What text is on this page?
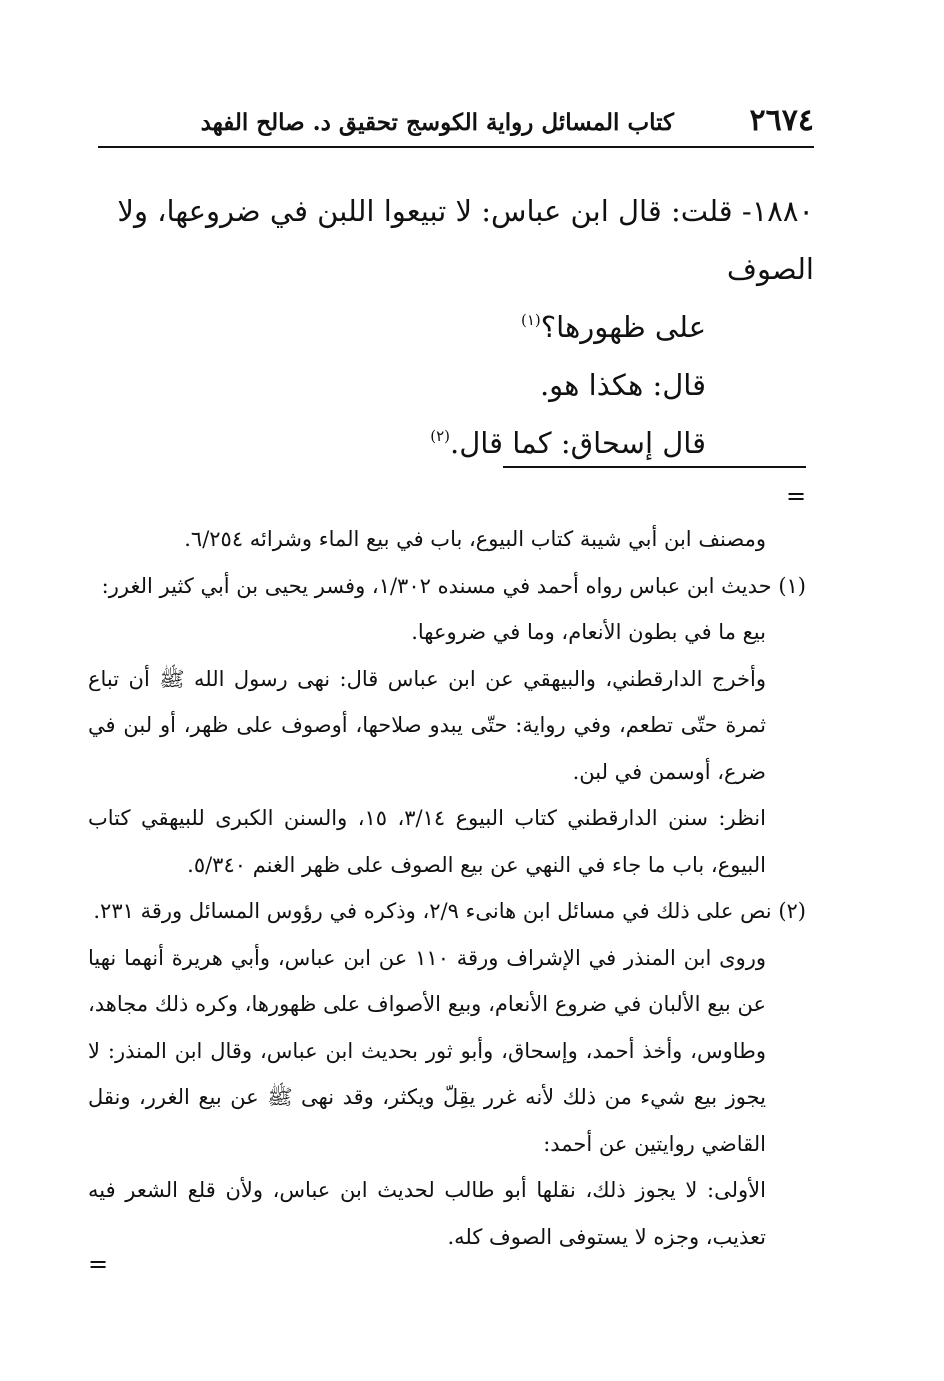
٢٦٧٤
كتاب المسائل رواية الكوسج تحقيق د. صالح الفهد

١٨٨٠- قلت: قال ابن عباس: لا تبيعوا اللبن في ضروعها، ولا الصوف

على ظهورها؟$^{(١)}$

قال: هكذا هو.

قال إسحاق: كما قال.$^{(٢)}$

=

ومصنف ابن أبي شيبة كتاب البيوع، باب في بيع الماء وشرائه ٦/٢٥٤.

(١) حديث ابن عباس رواه أحمد في مسنده ١/٣٠٢، وفسر يحيى بن أبي كثير الغرر:

بيع ما في بطون الأنعام، وما في ضروعها.

وأخرج الدارقطني، والبيهقي عن ابن عباس قال: نهى رسول الله ﷺ أن تباع ثمرة حتّى تطعم، وفي رواية: حتّى يبدو صلاحها، أوصوف على ظهر، أو لبن في ضرع، أوسمن في لبن.

انظر: سنن الدارقطني كتاب البيوع ٣/١٤، ١٥، والسنن الكبرى للبيهقي كتاب البيوع، باب ما جاء في النهي عن بيع الصوف على ظهر الغنم ٥/٣٤٠.

(٢) نص على ذلك في مسائل ابن هانىء ٢/٩، وذكره في رؤوس المسائل ورقة ٢٣١.

وروى ابن المنذر في الإشراف ورقة ١١٠ عن ابن عباس، وأبي هريرة أنهما نهيا عن بيع الألبان في ضروع الأنعام، وبيع الأصواف على ظهورها، وكره ذلك مجاهد، وطاوس، وأخذ أحمد، وإسحاق، وأبو ثور بحديث ابن عباس، وقال ابن المنذر: لا يجوز بيع شيء من ذلك لأنه غرر يقِلّ ويكثر، وقد نهى ﷺ عن بيع الغرر، ونقل القاضي روايتين عن أحمد:

الأولى: لا يجوز ذلك، نقلها أبو طالب لحديث ابن عباس، ولأن قلع الشعر فيه تعذيب، وجزه لا يستوفى الصوف كله.

=
